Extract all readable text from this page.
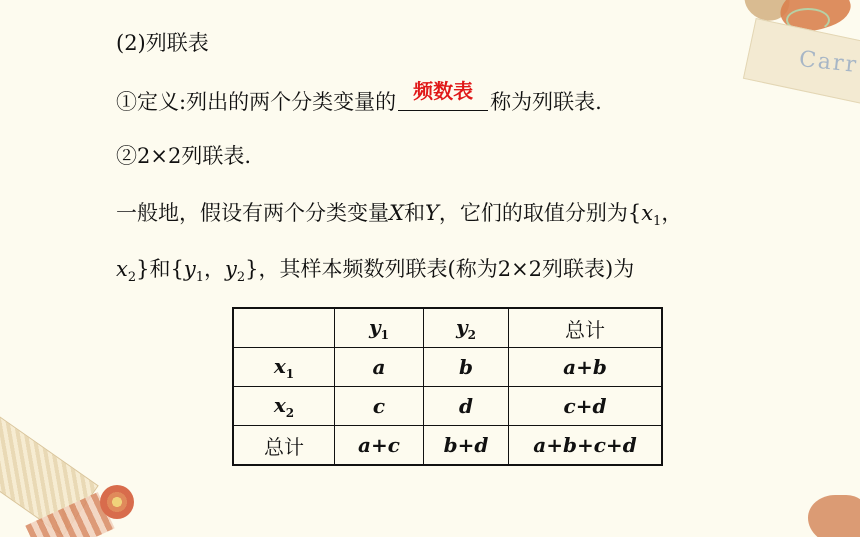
Carr
(2)列联表
①定义:列出的两个分类变量的 频数表 称为列联表.
②2×2列联表.
一般地，假设有两个分类变量X和Y，它们的取值分别为{$x_1$，
$x_2$}和{$y_1$，$y_2$}，其样本频数列联表(称为2×2列联表)为
	$y_1$	$y_2$	总计
$x_1$	a	b	a+b
$x_2$	c	d	c+d
总计	a+c	b+d	a+b+c+d
